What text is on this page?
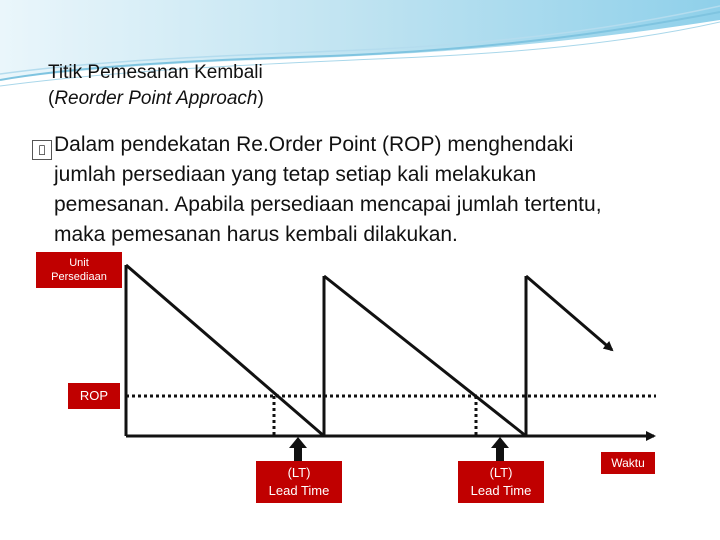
Titik Pemesanan Kembali
(Reorder Point Approach)
Dalam pendekatan Re.Order Point (ROP) menghendaki
jumlah persediaan yang tetap setiap kali melakukan
pemesanan. Apabila persediaan mencapai jumlah tertentu,
maka pemesanan harus kembali dilakukan.
Unit
Persediaan
ROP
(LT)
Lead Time
(LT)
Lead Time
Waktu
